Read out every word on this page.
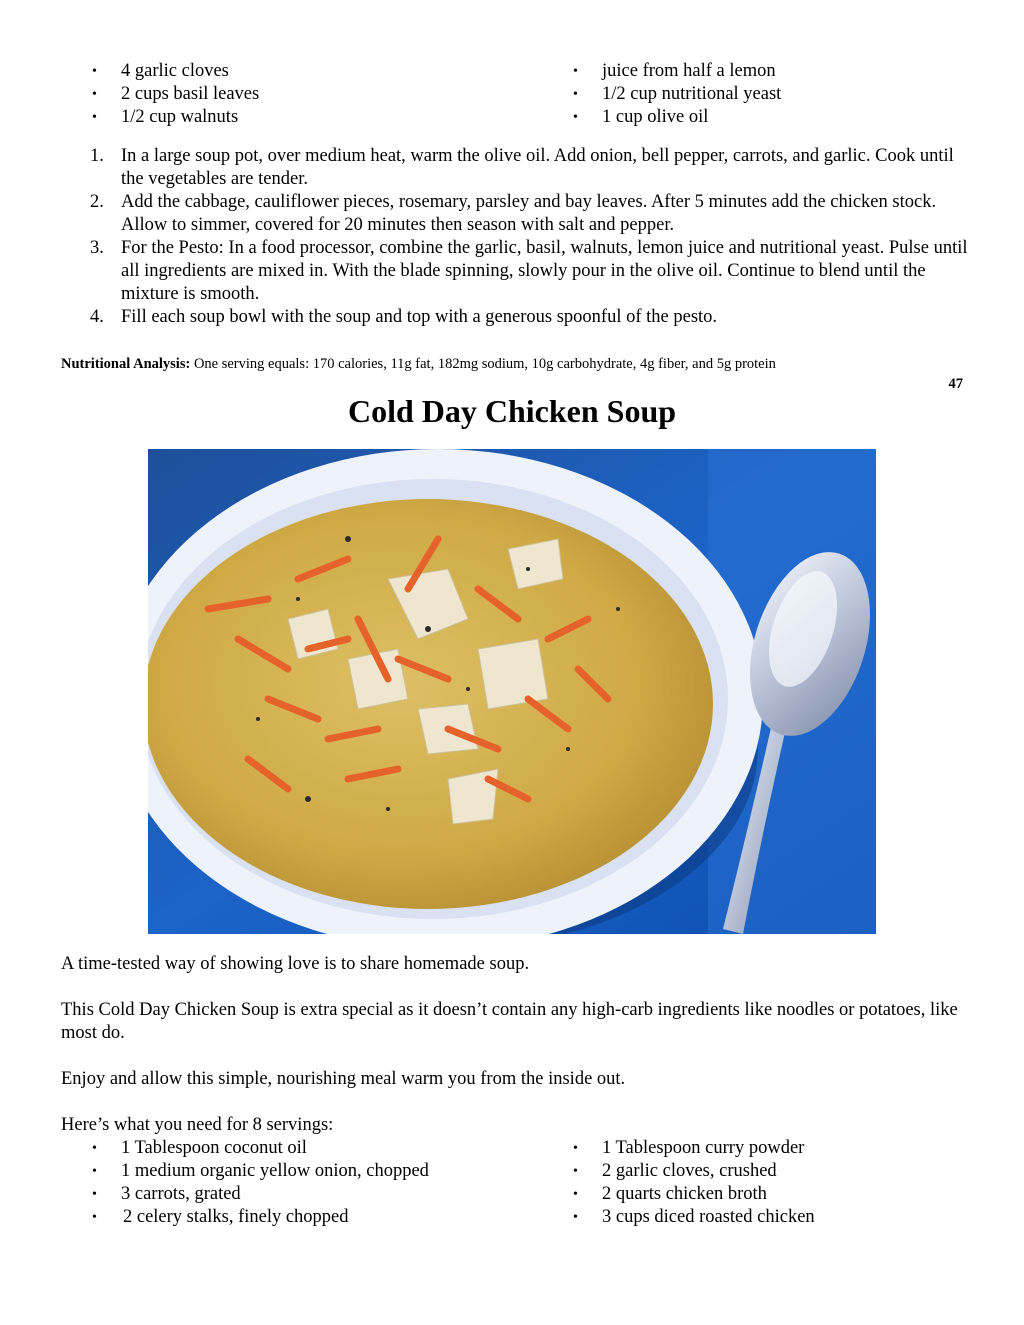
• 4 garlic cloves
• 2 cups basil leaves
• 1/2 cup walnuts
• juice from half a lemon
• 1/2 cup nutritional yeast
• 1 cup olive oil
1. In a large soup pot, over medium heat, warm the olive oil. Add onion, bell pepper, carrots, and garlic. Cook until the vegetables are tender.
2. Add the cabbage, cauliflower pieces, rosemary, parsley and bay leaves. After 5 minutes add the chicken stock. Allow to simmer, covered for 20 minutes then season with salt and pepper.
3. For the Pesto: In a food processor, combine the garlic, basil, walnuts, lemon juice and nutritional yeast. Pulse until all ingredients are mixed in. With the blade spinning, slowly pour in the olive oil. Continue to blend until the mixture is smooth.
4. Fill each soup bowl with the soup and top with a generous spoonful of the pesto.
Nutritional Analysis: One serving equals: 170 calories, 11g fat, 182mg sodium, 10g carbohydrate, 4g fiber, and 5g protein
47
Cold Day Chicken Soup

A time-tested way of showing love is to share homemade soup.

This Cold Day Chicken Soup is extra special as it doesn’t contain any high-carb ingredients like noodles or potatoes, like most do.

Enjoy and allow this simple, nourishing meal warm you from the inside out.

Here’s what you need for 8 servings:

• 1 Tablespoon coconut oil
• 1 medium organic yellow onion, chopped
• 3 carrots, grated
• 2 celery stalks, finely chopped
• 1 Tablespoon curry powder
• 2 garlic cloves, crushed
• 2 quarts chicken broth
• 3 cups diced roasted chicken
